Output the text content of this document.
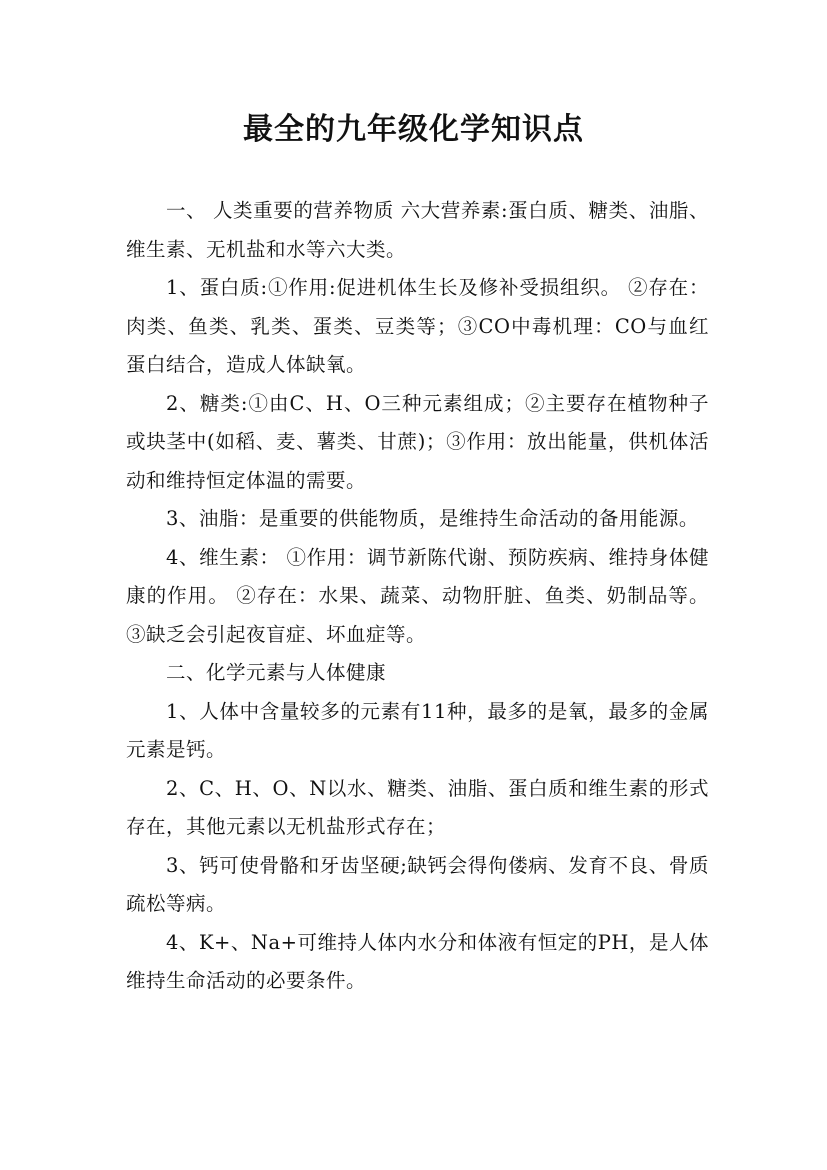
最全的九年级化学知识点

一、 人类重要的营养物质 六大营养素:蛋白质、糖类、油脂、维生素、无机盐和水等六大类。

1、蛋白质:①作用:促进机体生长及修补受损组织。 ②存在：肉类、鱼类、乳类、蛋类、豆类等；③CO中毒机理：CO与血红蛋白结合，造成人体缺氧。

2、糖类:①由C、H、O三种元素组成；②主要存在植物种子或块茎中(如稻、麦、薯类、甘蔗)；③作用：放出能量，供机体活动和维持恒定体温的需要。

3、油脂：是重要的供能物质，是维持生命活动的备用能源。

4、维生素： ①作用：调节新陈代谢、预防疾病、维持身体健康的作用。 ②存在：水果、蔬菜、动物肝脏、鱼类、奶制品等。 ③缺乏会引起夜盲症、坏血症等。

二、化学元素与人体健康

1、人体中含量较多的元素有11种，最多的是氧，最多的金属元素是钙。

2、C、H、O、N以水、糖类、油脂、蛋白质和维生素的形式存在，其他元素以无机盐形式存在；

3、钙可使骨骼和牙齿坚硬;缺钙会得佝偻病、发育不良、骨质疏松等病。

4、K+、Na+可维持人体内水分和体液有恒定的PH，是人体维持生命活动的必要条件。
